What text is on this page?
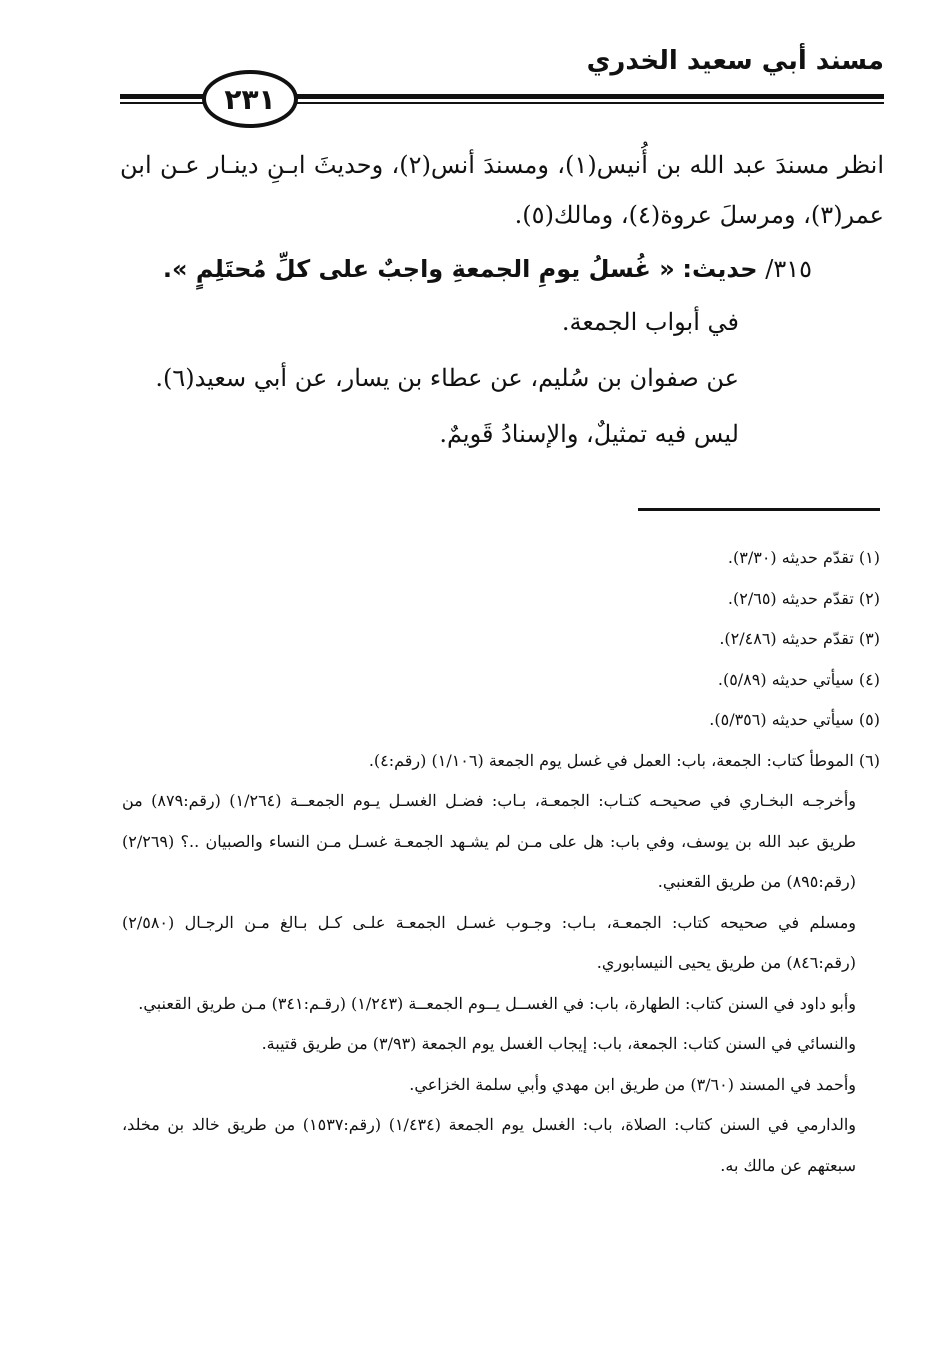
مسند أبي سعيد الخدري
٢٣١

انظر مسندَ عبد الله بن أُنيس(١)، ومسندَ أنس(٢)، وحديثَ ابـنِ دينـار عـن ابن عمر(٣)، ومرسلَ عروة(٤)، ومالك(٥).

٣١٥/ حديث: « غُسلُ يومِ الجمعةِ واجبٌ على كلِّ مُحتَلِمٍ ».

في أبواب الجمعة.

عن صفوان بن سُليم، عن عطاء بن يسار، عن أبي سعيد(٦).

ليس فيه تمثيلٌ، والإسنادُ قَويمٌ.

(١) تقدّم حديثه (٣/٣٠).

(٢) تقدّم حديثه (٢/٦٥).

(٣) تقدّم حديثه (٢/٤٨٦).

(٤) سيأتي حديثه (٥/٨٩).

(٥) سيأتي حديثه (٥/٣٥٦).

(٦) الموطأ كتاب: الجمعة، باب: العمل في غسل يوم الجمعة (١/١٠٦) (رقم:٤).

وأخرجـه البخـاري في صحيحـه كتـاب: الجمعـة، بـاب: فضـل الغسـل يـوم الجمعــة (١/٢٦٤) (رقم:٨٧٩) من طريق عبد الله بن يوسف، وفي باب: هل على مـن لم يشـهد الجمعـة غسـل مـن النساء والصبيان ..؟ (٢/٢٦٩) (رقم:٨٩٥) من طريق القعنبي.

ومسلم في صحيحه كتاب: الجمعـة، بـاب: وجـوب غسـل الجمعـة علـى كـل بـالغ مـن الرجـال (٢/٥٨٠) (رقم:٨٤٦) من طريق يحيى النيسابوري.

وأبو داود في السنن كتاب: الطهارة، باب: في الغســل يــوم الجمعــة (١/٢٤٣) (رقـم:٣٤١) مـن طريق القعنبي.

والنسائي في السنن كتاب: الجمعة، باب: إيجاب الغسل يوم الجمعة (٣/٩٣) من طريق قتيبة.

وأحمد في المسند (٣/٦٠) من طريق ابن مهدي وأبي سلمة الخزاعي.

والدارمي في السنن كتاب: الصلاة، باب: الغسل يوم الجمعة (١/٤٣٤) (رقم:١٥٣٧) من طريق خالد بن مخلد، سبعتهم عن مالك به.
